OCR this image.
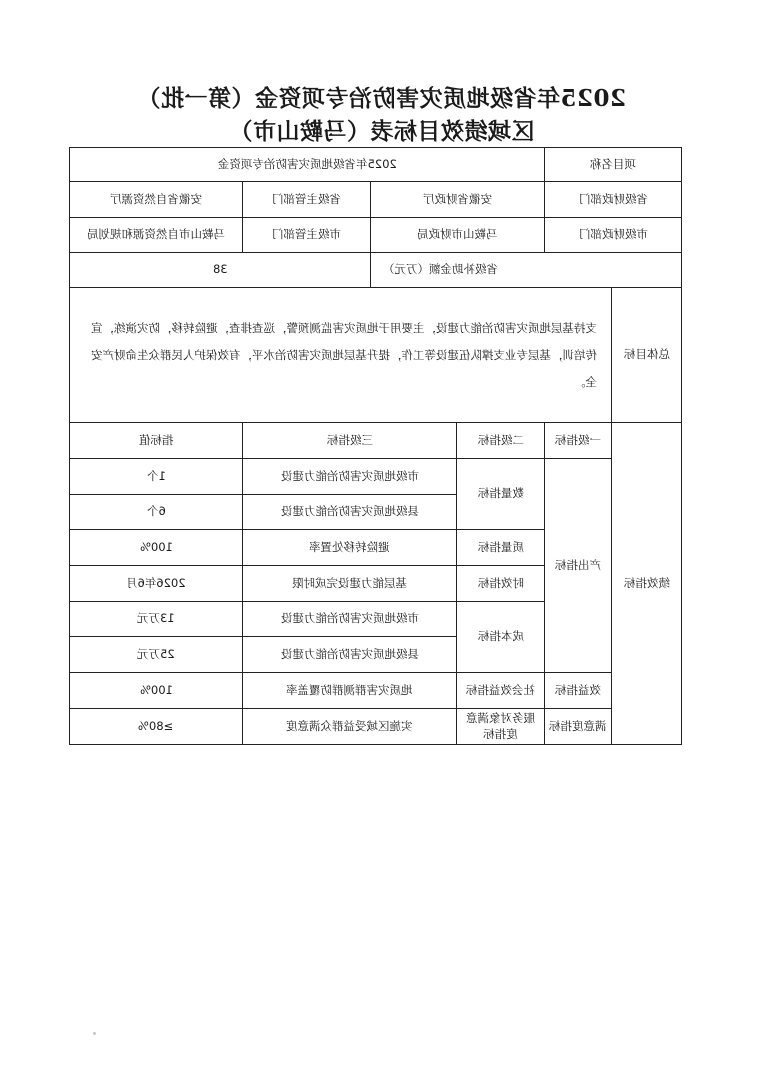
2025年省级地质灾害防治专项资金（第一批）
区域绩效目标表（马鞍山市）
2025年省级地质灾害防治专项资金				项目名称	
安徽省自然资源厅	省级主管部门	安徽省财政厅		省级财政部门	
马鞍山市自然资源和规划局	市级主管部门	马鞍山市财政局		市级财政部门	
38		省级补助金额（万元）			
支持基层地质灾害防治能力建设，主要用于地质灾害监测预警，巡查排查，避险转移，防灾演练，宣传培训，基层专业支撑队伍建设等工作，提升基层地质灾害防治水平，有效保护人民群众生命财产安全。					总体目标
指标值	三级指标		二级指标	一级指标	绩效指标
1个	市级地质灾害防治能力建设		数量指标	产出指标	
6个	县级地质灾害防治能力建设				
100%	避险转移处置率		质量指标		
2026年6月	基层能力建设完成时限		时效指标		
13万元	市级地质灾害防治能力建设		成本指标		
25万元	县级地质灾害防治能力建设				
100%	地质灾害群测群防覆盖率		社会效益指标	效益指标	
≥80%	实施区域受益群众满意度		服务对象满意度指标	满意度指标	
